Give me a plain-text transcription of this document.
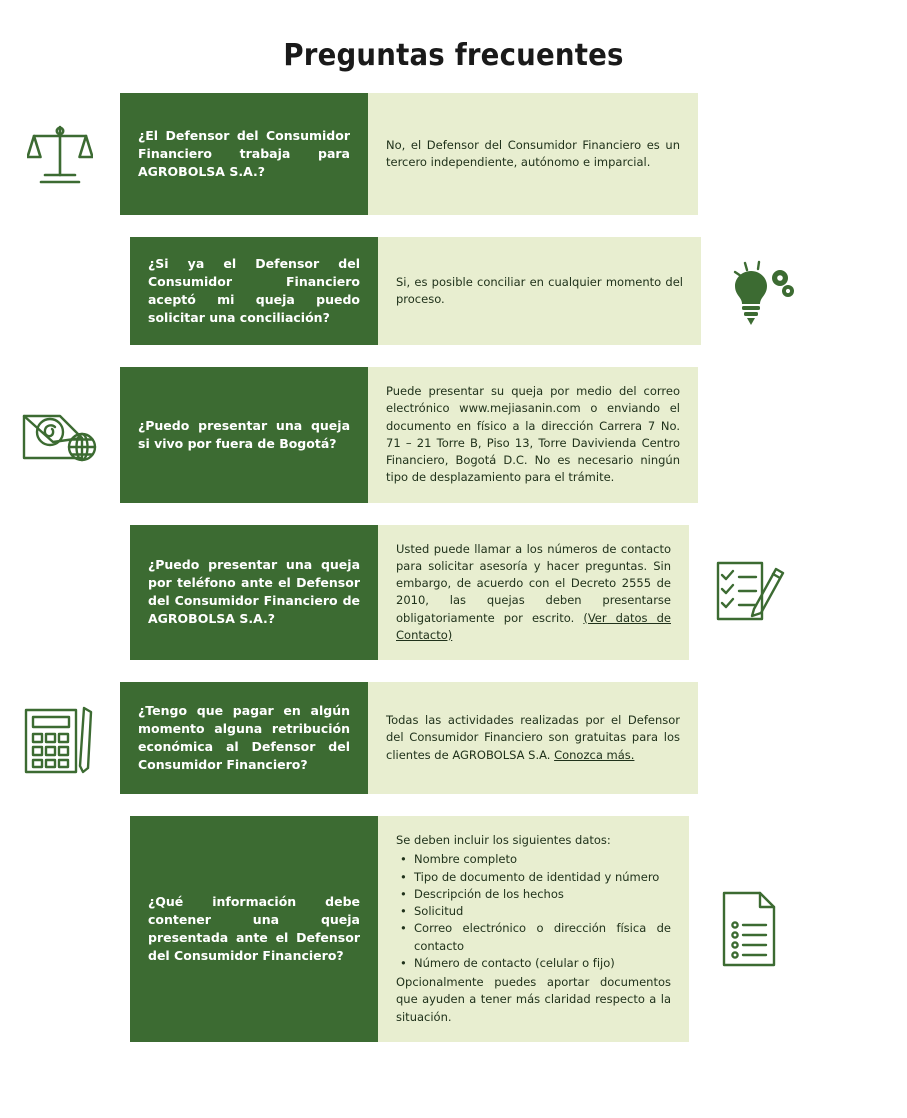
Preguntas frecuentes
¿El Defensor del Consumidor Financiero trabaja para AGROBOLSA S.A.?
No, el Defensor del Consumidor Financiero es un tercero independiente, autónomo e imparcial.
¿Si ya el Defensor del Consumidor Financiero aceptó mi queja puedo solicitar una conciliación?
Si, es posible conciliar en cualquier momento del proceso.
¿Puedo presentar una queja si vivo por fuera de Bogotá?
Puede presentar su queja por medio del correo electrónico www.mejiasanin.com o enviando el documento en físico a la dirección Carrera 7 No. 71 – 21 Torre B, Piso 13, Torre Davivienda Centro Financiero, Bogotá D.C. No es necesario ningún tipo de desplazamiento para el trámite.
¿Puedo presentar una queja por teléfono ante el Defensor del Consumidor Financiero de AGROBOLSA S.A.?
Usted puede llamar a los números de contacto para solicitar asesoría y hacer preguntas. Sin embargo, de acuerdo con el Decreto 2555 de 2010, las quejas deben presentarse obligatoriamente por escrito. (Ver datos de Contacto)
¿Tengo que pagar en algún momento alguna retribución económica al Defensor del Consumidor Financiero?
Todas las actividades realizadas por el Defensor del Consumidor Financiero son gratuitas para los clientes de AGROBOLSA S.A. Conozca más.
¿Qué información debe contener una queja presentada ante el Defensor del Consumidor Financiero?
Se deben incluir los siguientes datos:
• Nombre completo
• Tipo de documento de identidad y número
• Descripción de los hechos
• Solicitud
• Correo electrónico o dirección física de contacto
• Número de contacto (celular o fijo)
Opcionalmente puedes aportar documentos que ayuden a tener más claridad respecto a la situación.
